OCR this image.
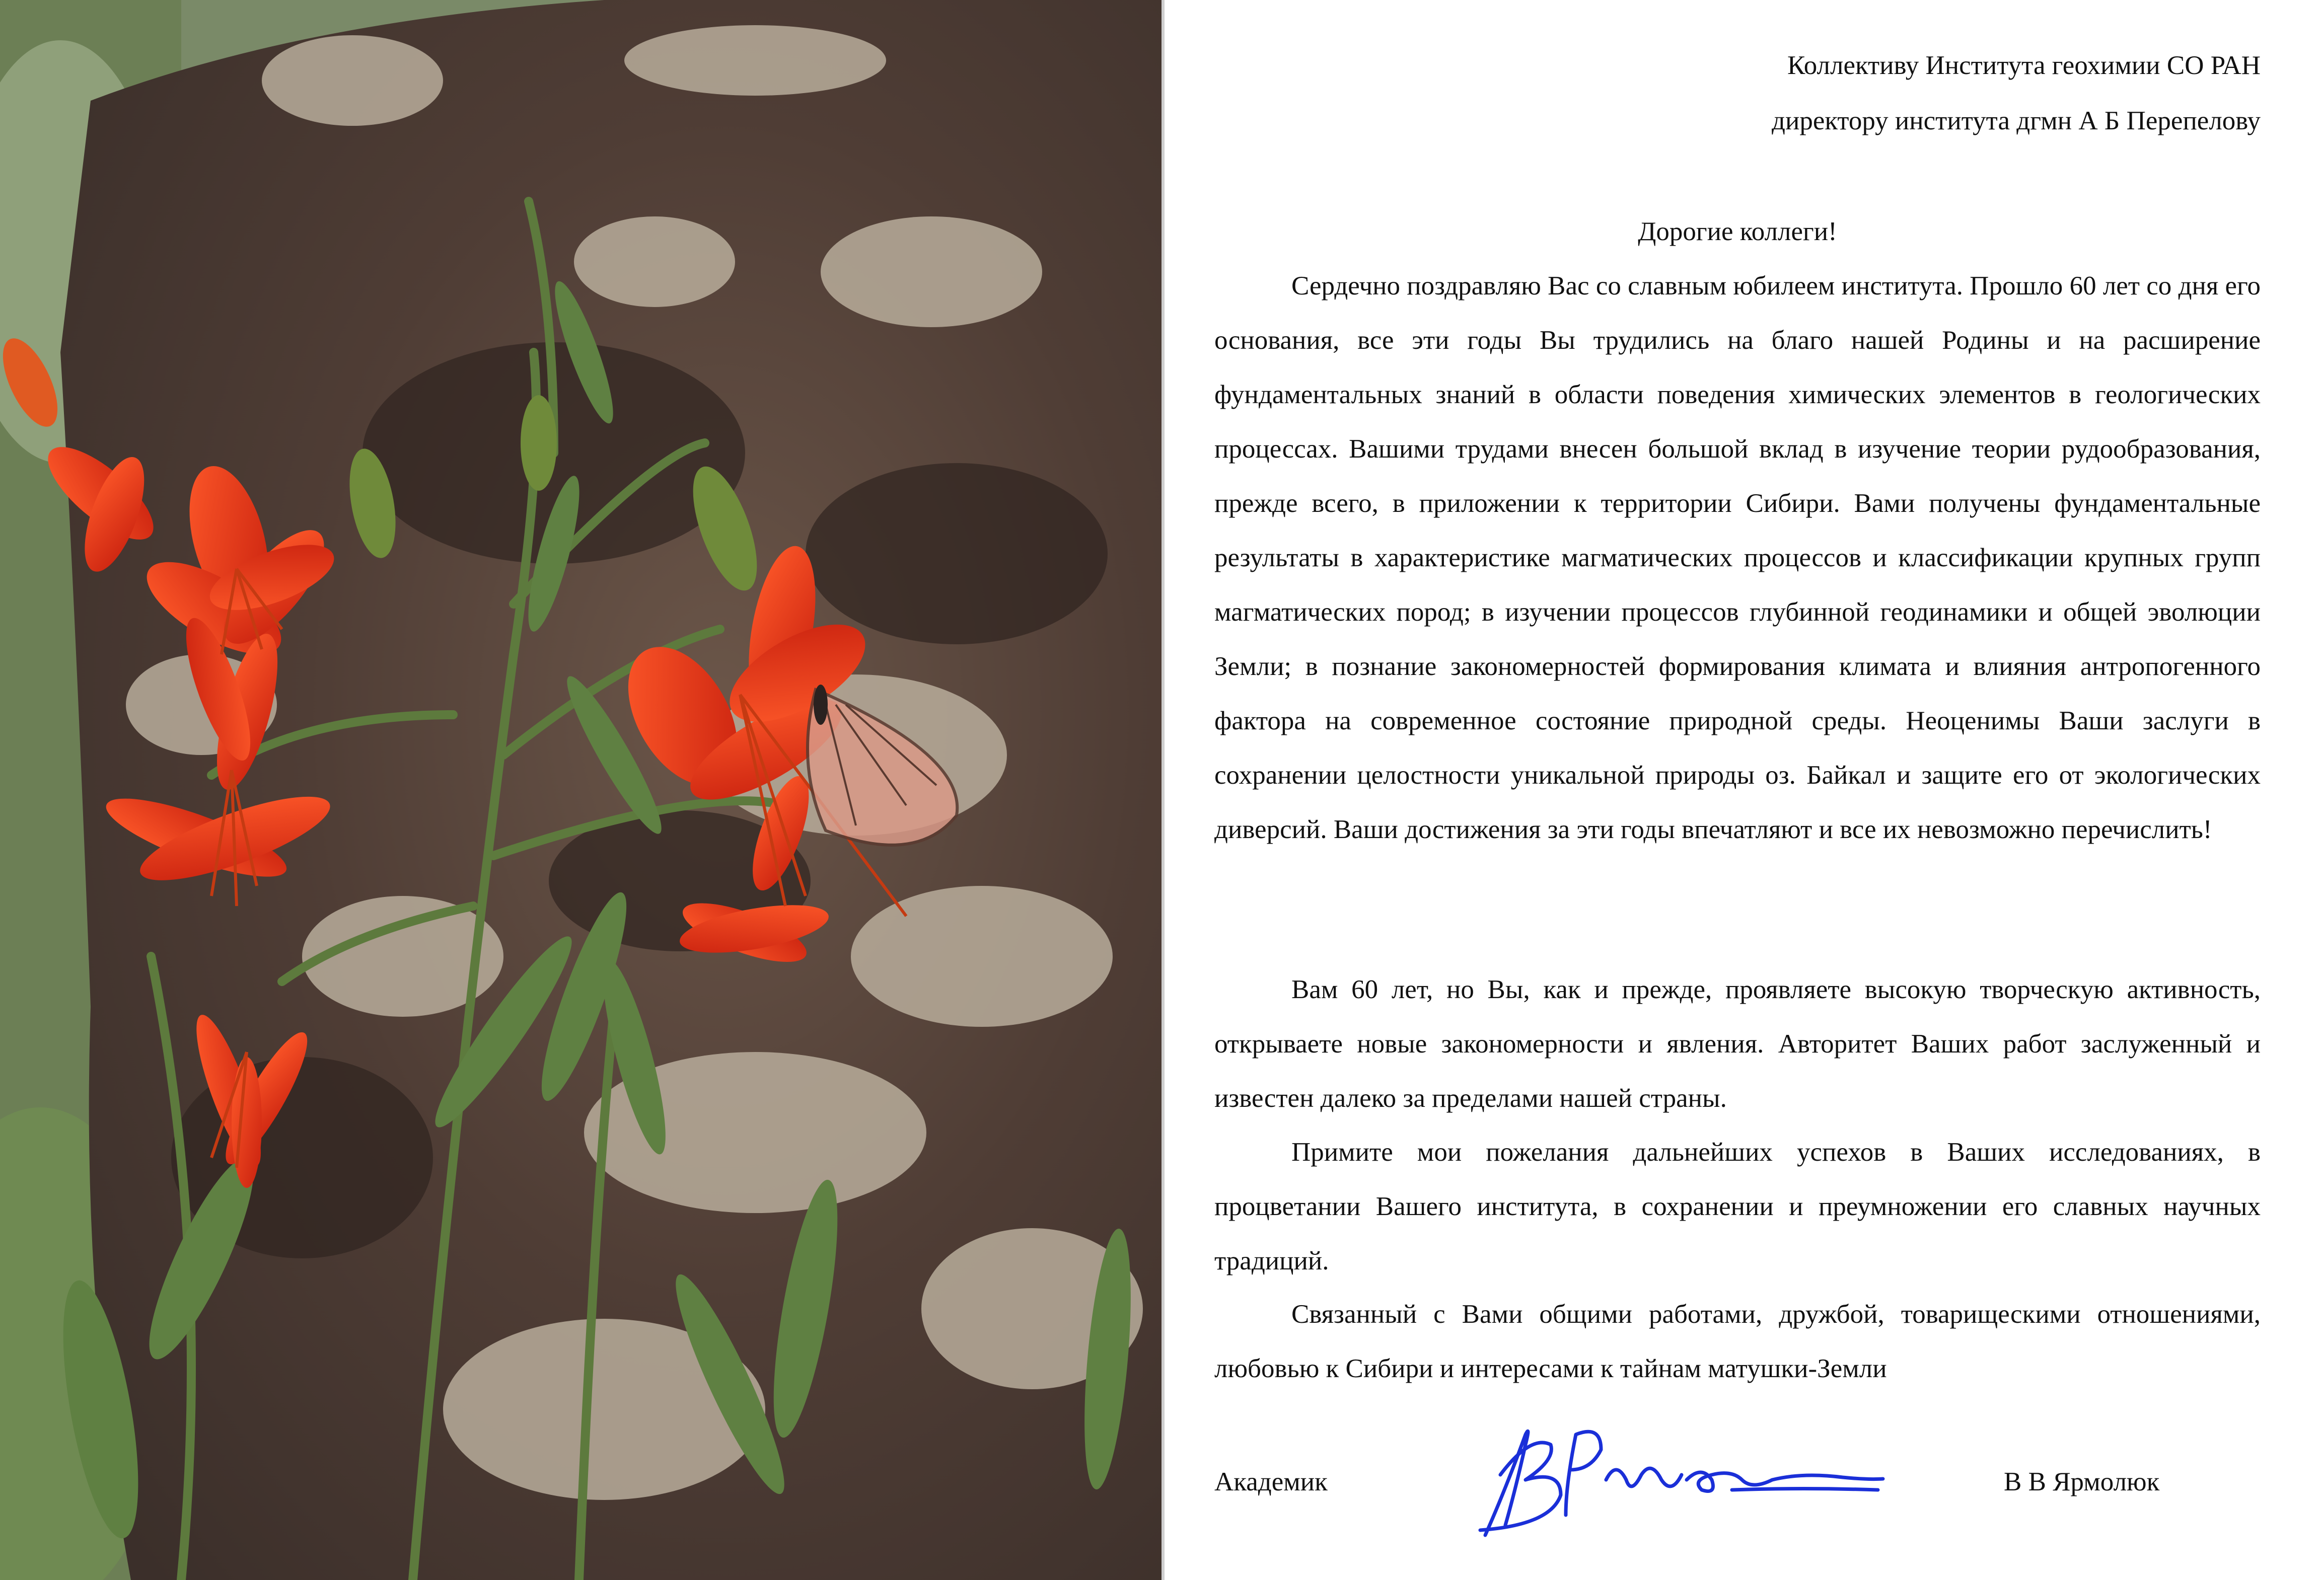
Коллективу Института геохимии СО РАН
директору института дгмн А Б Перепелову
Дорогие коллеги!

Сердечно поздравляю Вас со славным юбилеем института. Прошло 60 лет со дня его основания, все эти годы Вы трудились на благо нашей Родины и на расширение фундаментальных знаний в области поведения химических элементов в геологических процессах. Вашими трудами внесен большой вклад в изучение теории рудообразования, прежде всего, в приложении к территории Сибири. Вами получены фундаментальные результаты в характеристике магматических процессов и классификации крупных групп магматических пород; в изучении процессов глубинной геодинамики и общей эволюции Земли; в познание закономерностей формирования климата и влияния антропогенного фактора на современное состояние природной среды. Неоценимы Ваши заслуги в сохранении целостности уникальной природы оз. Байкал и защите его от экологических диверсий. Ваши достижения за эти годы впечатляют и все их невозможно перечислить!

Вам 60 лет, но Вы, как и прежде, проявляете высокую творческую активность, открываете новые закономерности и явления. Авторитет Ваших работ заслуженный и известен далеко за пределами нашей страны.

Примите мои пожелания дальнейших успехов в Ваших исследованиях, в процветании Вашего института, в сохранении и преумножении его славных научных традиций.

Связанный с Вами общими работами, дружбой, товарищескими отношениями, любовью к Сибири и интересами к тайнам матушки-Земли

Академик	В В Ярмолюк
